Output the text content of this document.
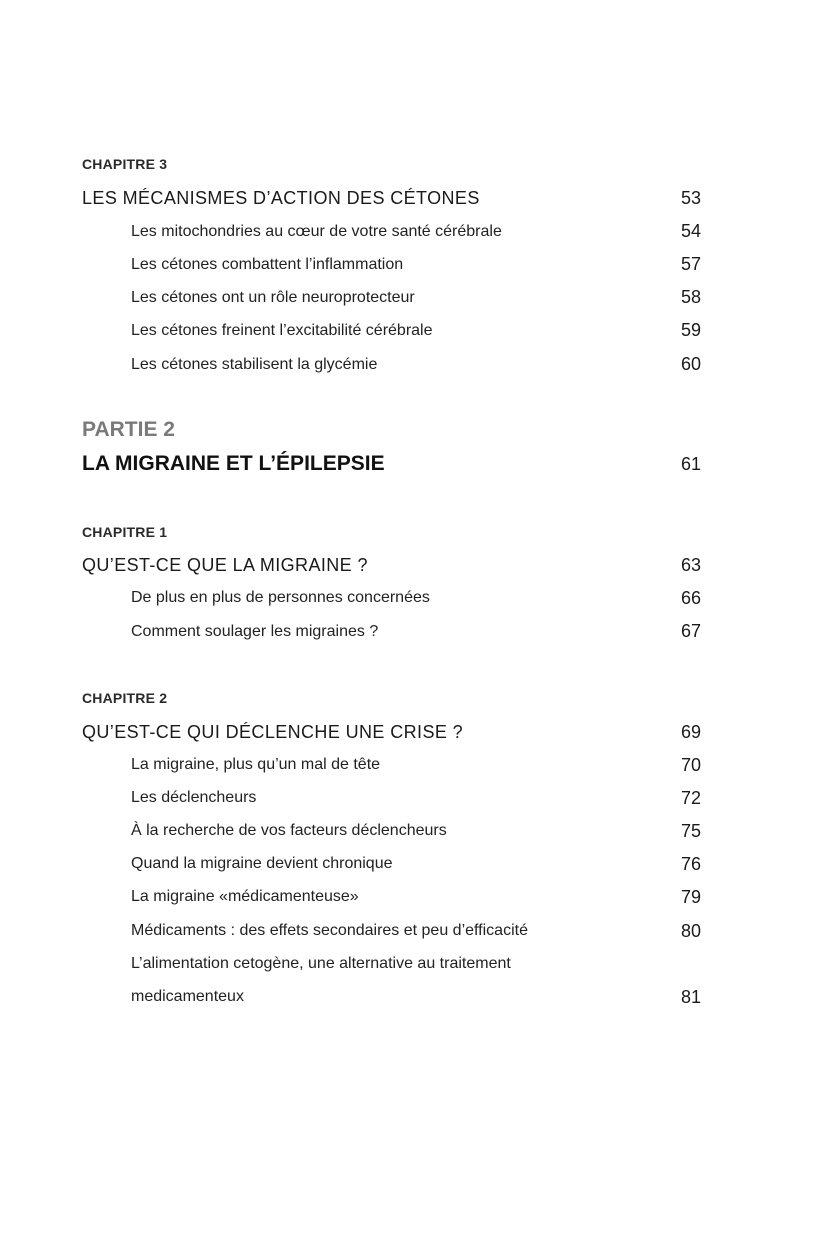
CHAPITRE 3
LES MÉCANISMES D’ACTION DES CÉTONES	53
Les mitochondries au cœur de votre santé cérébrale	54
Les cétones combattent l’inflammation	57
Les cétones ont un rôle neuroprotecteur	58
Les cétones freinent l’excitabilité cérébrale	59
Les cétones stabilisent la glycémie	60
PARTIE 2
LA MIGRAINE ET L’ÉPILEPSIE	61
CHAPITRE 1
QU’EST-CE QUE LA MIGRAINE ?	63
De plus en plus de personnes concernées	66
Comment soulager les migraines ?	67
CHAPITRE 2
QU’EST-CE QUI DÉCLENCHE UNE CRISE ?	69
La migraine, plus qu’un mal de tête	70
Les déclencheurs	72
À la recherche de vos facteurs déclencheurs	75
Quand la migraine devient chronique	76
La migraine «médicamenteuse»	79
Médicaments : des effets secondaires et peu d’efficacité	80
L’alimentation cetogène, une alternative au traitement
medicamenteux	81
